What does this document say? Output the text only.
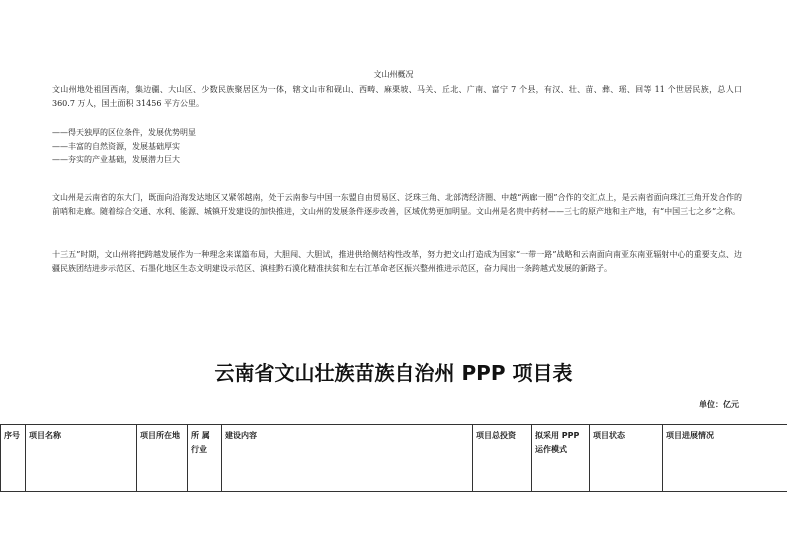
文山州概况

文山州地处祖国西南，集边疆、大山区、少数民族聚居区为一体，辖文山市和砚山、西畴、麻栗坡、马关、丘北、广南、富宁 7 个县，有汉、壮、苗、彝、瑶、回等 11 个世居民族，总人口 360.7 万人，国土面积 31456 平方公里。

——得天独厚的区位条件，发展优势明显
——丰富的自然资源，发展基础厚实
——夯实的产业基础，发展潜力巨大

文山州是云南省的东大门，既面向沿海发达地区又紧邻越南，处于云南参与中国一东盟自由贸易区、泛珠三角、北部湾经济圈、中越“两廊一圈”合作的交汇点上，是云南省面向珠江三角开发合作的前哨和走廊。随着综合交通、水利、能源、城镇开发建设的加快推进，文山州的发展条件逐步改善，区域优势更加明显。文山州是名贵中药材——三七的原产地和主产地，有“中国三七之乡”之称。

十三五”时期，文山州将把跨越发展作为一种理念来谋篇布局，大胆闯、大胆试，推进供给侧结构性改革，努力把文山打造成为国家“一带一路”战略和云南面向南亚东南亚辐射中心的重要支点、边疆民族团结进步示范区、石墨化地区生态文明建设示范区、滇桂黔石漠化精准扶贫和左右江革命老区振兴整州推进示范区，奋力闯出一条跨越式发展的新路子。

云南省文山壮族苗族自治州 PPP 项目表
单位：亿元
序号	项目名称	项目所在地	所 属 行业	建设内容	项目总投资	拟采用 PPP 运作模式	项目状态	项目进展情况
